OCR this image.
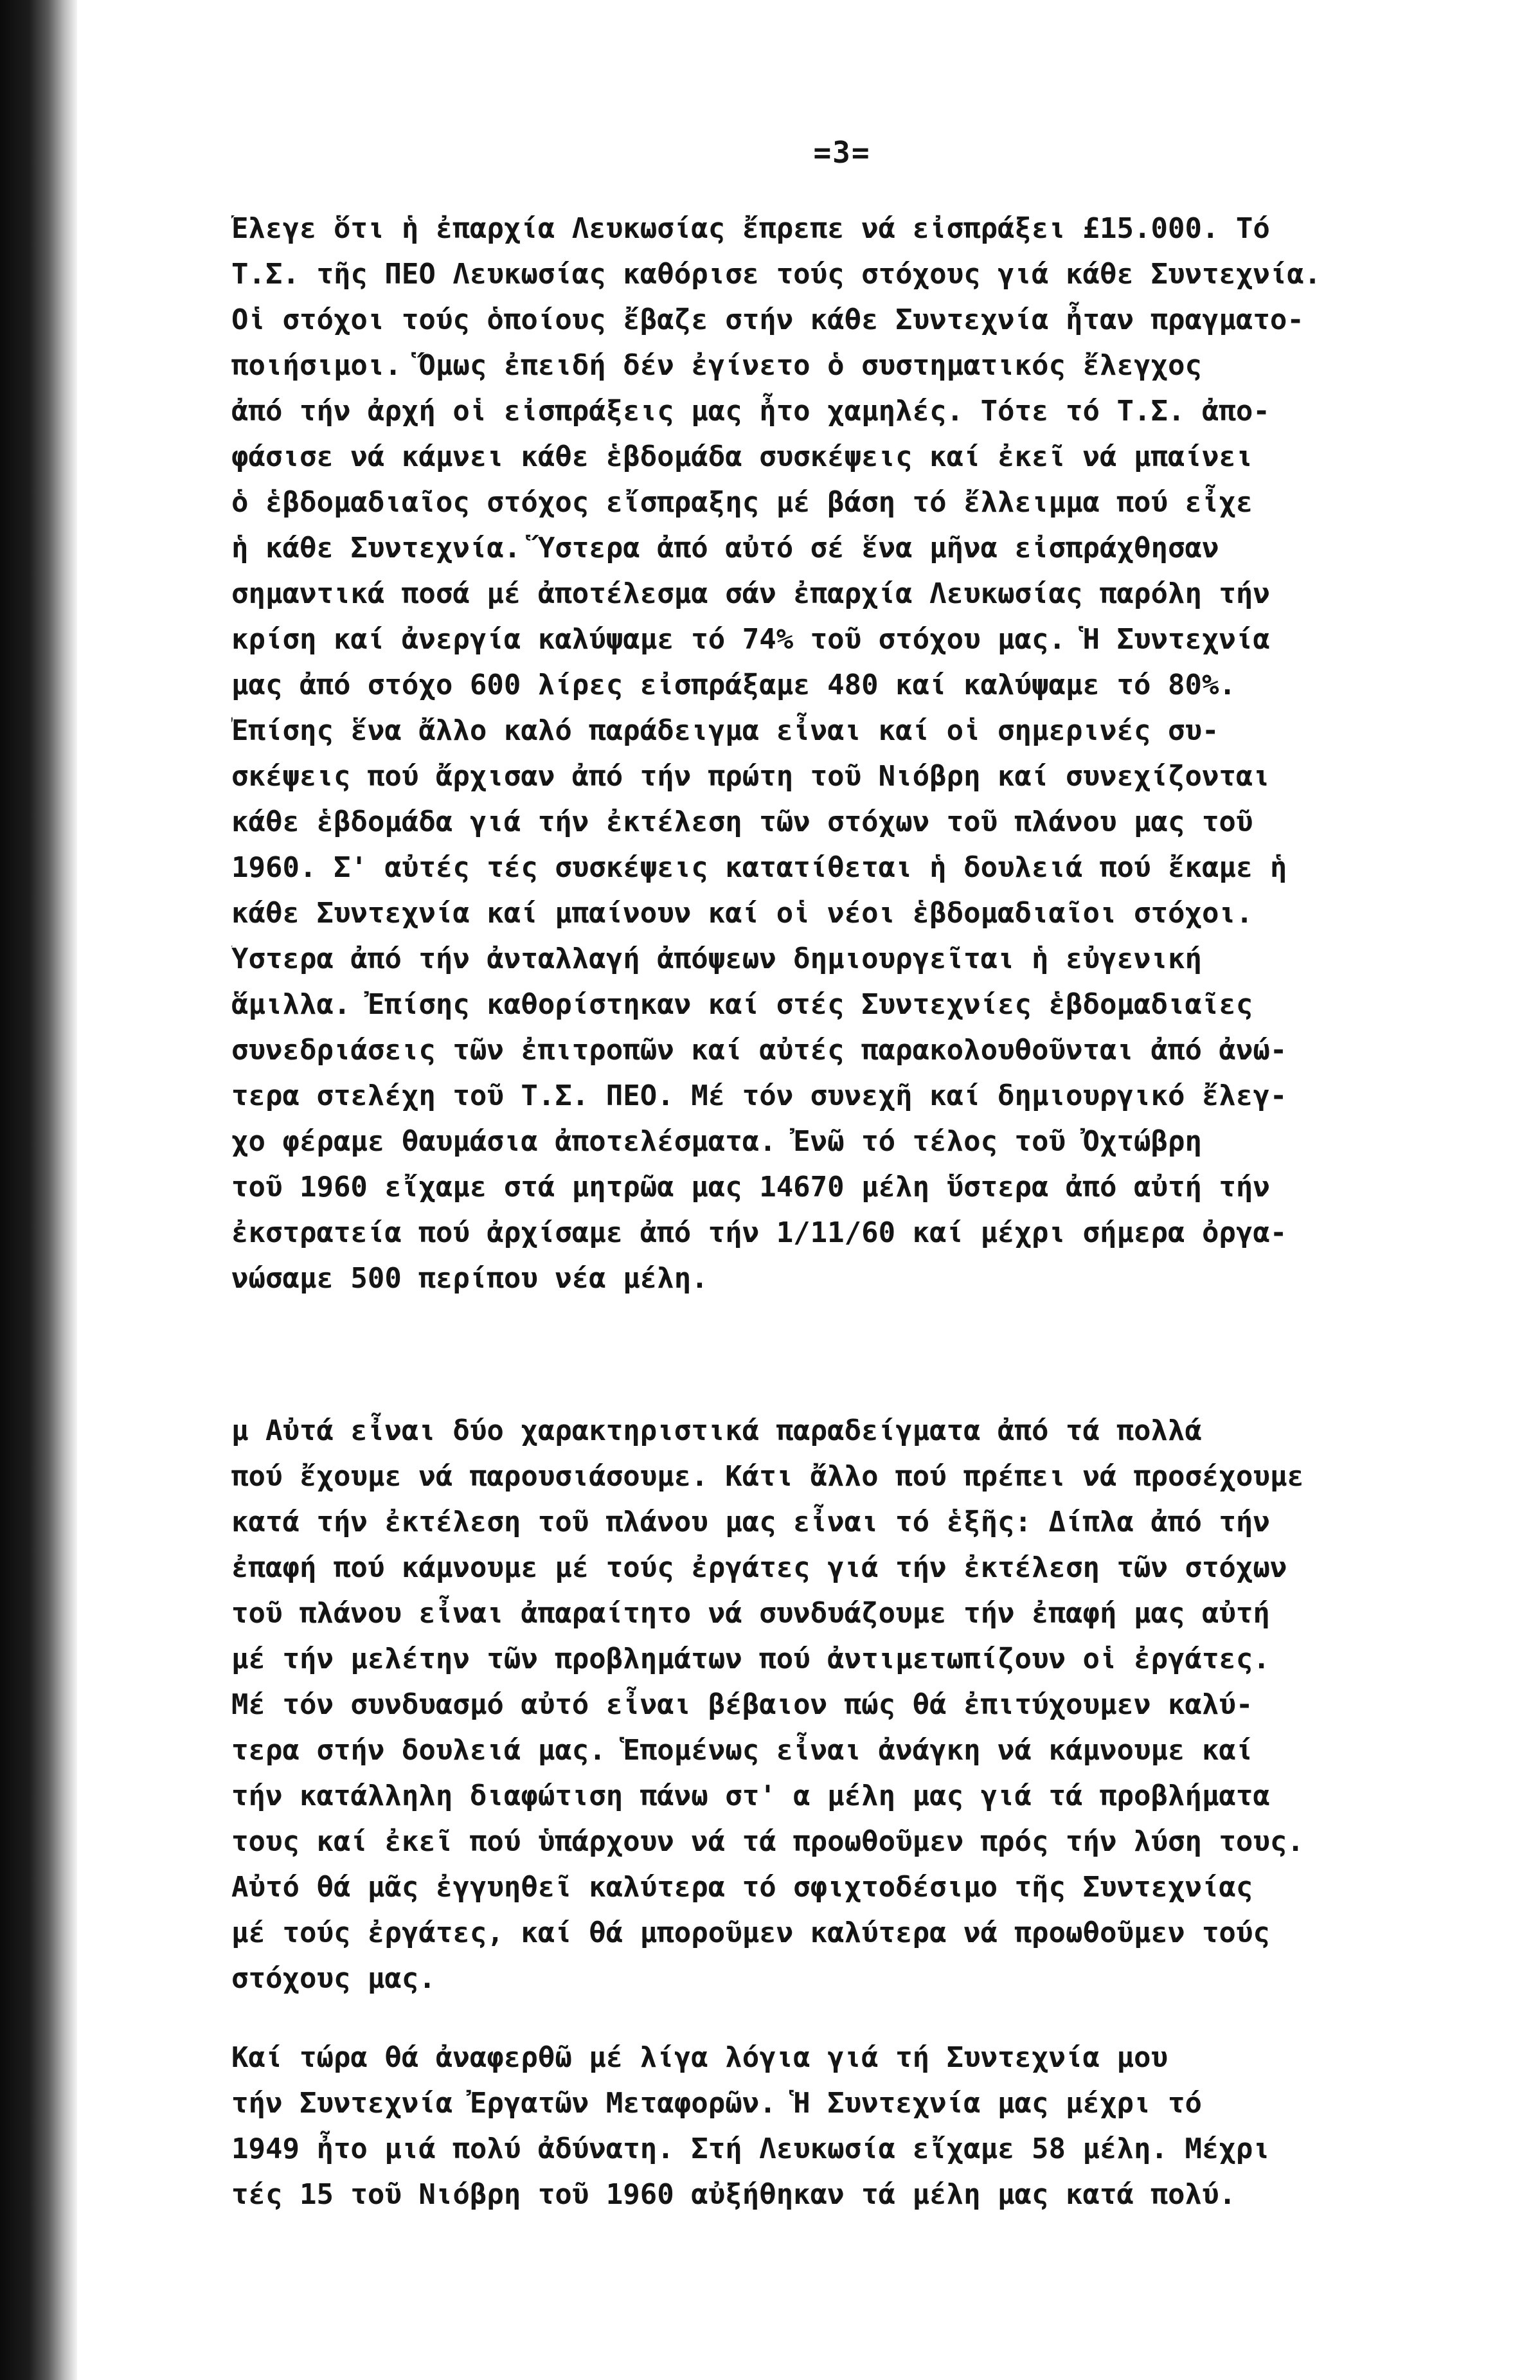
=3=
Ἔλεγε ὅτι ἡ ἐπαρχία Λευκωσίας ἔπρεπε νά εἰσπράξει £15.000. Τό
Τ.Σ. τῆς ΠΕΟ Λευκωσίας καθόρισε τούς στόχους γιά κάθε Συντεχνία.
Οἱ στόχοι τούς ὁποίους ἔβαζε στήν κάθε Συντεχνία ἦταν πραγματο-
ποιήσιμοι. Ὅμως ἐπειδή δέν ἐγίνετο ὁ συστηματικός ἔλεγχος
ἀπό τήν ἀρχή οἱ εἰσπράξεις μας ἦτο χαμηλές. Τότε τό Τ.Σ. ἀπο-
φάσισε νά κάμνει κάθε ἑβδομάδα συσκέψεις καί ἐκεῖ νά μπαίνει
ὁ ἑβδομαδιαῖος στόχος εἴσπραξης μέ βάση τό ἔλλειμμα πού εἶχε
ἡ κάθε Συντεχνία. Ὕστερα ἀπό αὐτό σέ ἕνα μῆνα εἰσπράχθησαν
σημαντικά ποσά μέ ἀποτέλεσμα σάν ἐπαρχία Λευκωσίας παρόλη τήν
κρίση καί ἀνεργία καλύψαμε τό 74% τοῦ στόχου μας. Ἡ Συντεχνία
μας ἀπό στόχο 600 λίρες εἰσπράξαμε 480 καί καλύψαμε τό 80%.
Ἐπίσης ἕνα ἄλλο καλό παράδειγμα εἶναι καί οἱ σημερινές συ-
σκέψεις πού ἄρχισαν ἀπό τήν πρώτη τοῦ Νιόβρη καί συνεχίζονται
κάθε ἑβδομάδα γιά τήν ἐκτέλεση τῶν στόχων τοῦ πλάνου μας τοῦ
1960. Σ' αὐτές τές συσκέψεις κατατίθεται ἡ δουλειά πού ἔκαμε ἡ
κάθε Συντεχνία καί μπαίνουν καί οἱ νέοι ἑβδομαδιαῖοι στόχοι.
Ὕστερα ἀπό τήν ἀνταλλαγή ἀπόψεων δημιουργεῖται ἡ εὐγενική
ἅμιλλα. Ἐπίσης καθορίστηκαν καί στές Συντεχνίες ἑβδομαδιαῖες
συνεδριάσεις τῶν ἐπιτροπῶν καί αὐτές παρακολουθοῦνται ἀπό ἀνώ-
τερα στελέχη τοῦ Τ.Σ. ΠΕΟ. Μέ τόν συνεχῆ καί δημιουργικό ἔλεγ-
χο φέραμε θαυμάσια ἀποτελέσματα. Ἐνῶ τό τέλος τοῦ Ὀχτώβρη
τοῦ 1960 εἴχαμε στά μητρῶα μας 14670 μέλη ὕστερα ἀπό αὐτή τήν
ἐκστρατεία πού ἀρχίσαμε ἀπό τήν 1/11/60 καί μέχρι σήμερα ὀργα-
νώσαμε 500 περίπου νέα μέλη.
μ Αὐτά εἶναι δύο χαρακτηριστικά παραδείγματα ἀπό τά πολλά
πού ἔχουμε νά παρουσιάσουμε. Κάτι ἄλλο πού πρέπει νά προσέχουμε
κατά τήν ἐκτέλεση τοῦ πλάνου μας εἶναι τό ἑξῆς: Δίπλα ἀπό τήν
ἐπαφή πού κάμνουμε μέ τούς ἐργάτες γιά τήν ἐκτέλεση τῶν στόχων
τοῦ πλάνου εἶναι ἀπαραίτητο νά συνδυάζουμε τήν ἐπαφή μας αὐτή
μέ τήν μελέτην τῶν προβλημάτων πού ἀντιμετωπίζουν οἱ ἐργάτες.
Μέ τόν συνδυασμό αὐτό εἶναι βέβαιον πώς θά ἐπιτύχουμεν καλύ-
τερα στήν δουλειά μας. Ἑπομένως εἶναι ἀνάγκη νά κάμνουμε καί
τήν κατάλληλη διαφώτιση πάνω στ' α μέλη μας γιά τά προβλήματα
τους καί ἐκεῖ πού ὑπάρχουν νά τά προωθοῦμεν πρός τήν λύση τους.
Αὐτό θά μᾶς ἐγγυηθεῖ καλύτερα τό σφιχτοδέσιμο τῆς Συντεχνίας
μέ τούς ἐργάτες, καί θά μποροῦμεν καλύτερα νά προωθοῦμεν τούς
στόχους μας.
Καί τώρα θά ἀναφερθῶ μέ λίγα λόγια γιά τή Συντεχνία μου
τήν Συντεχνία Ἐργατῶν Μεταφορῶν. Ἡ Συντεχνία μας μέχρι τό
1949 ἦτο μιά πολύ ἀδύνατη. Στή Λευκωσία εἴχαμε 58 μέλη. Μέχρι
τές 15 τοῦ Νιόβρη τοῦ 1960 αὐξήθηκαν τά μέλη μας κατά πολύ.
